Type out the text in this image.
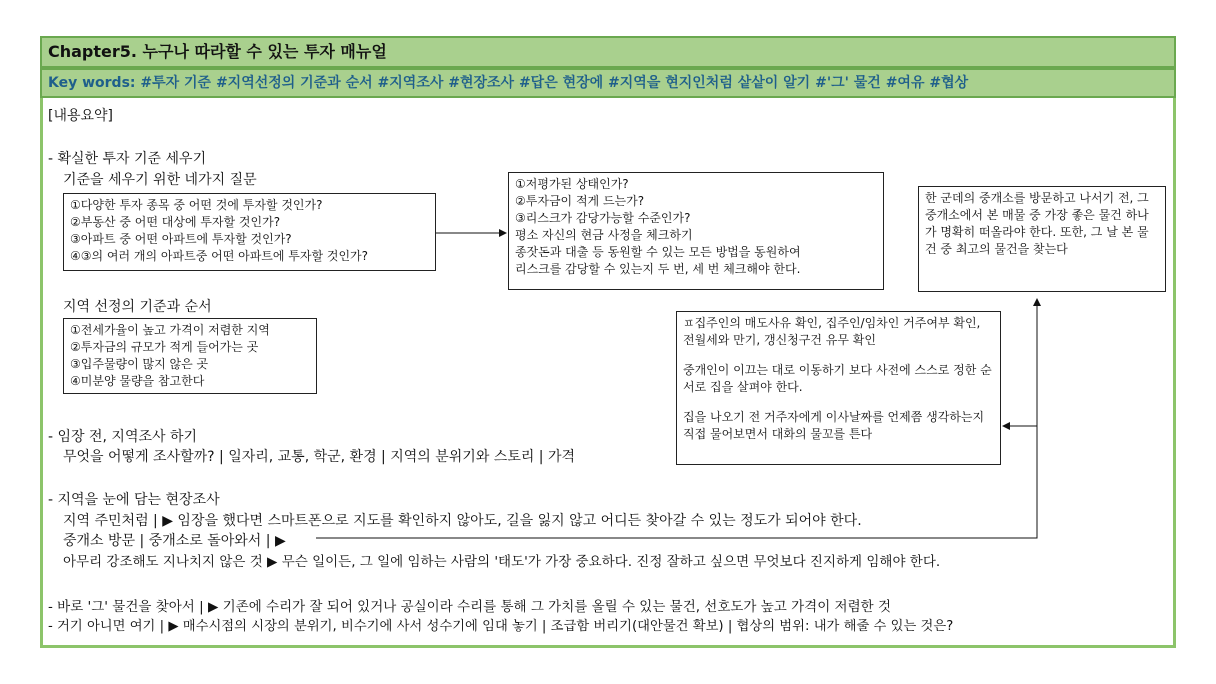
Chapter5. 누구나 따라할 수 있는 투자 매뉴얼
Key words: #투자 기준 #지역선정의 기준과 순서 #지역조사 #현장조사 #답은 현장에 #지역을 현지인처럼 샅샅이 알기 #'그' 물건 #여유 #협상
[내용요약]
- 확실한 투자 기준 세우기
기준을 세우기 위한 네가지 질문
①다양한 투자 종목 중 어떤 것에 투자할 것인가?
②부동산 중 어떤 대상에 투자할 것인가?
③아파트 중 어떤 아파트에 투자할 것인가?
④③의 여러 개의 아파트중 어떤 아파트에 투자할 것인가?
①저평가된 상태인가?
②투자금이 적게 드는가?
③리스크가 감당가능할 수준인가?
평소 자신의 현금 사정을 체크하기
종잣돈과 대출 등 동원할 수 있는 모든 방법을 동원하여
리스크를 감당할 수 있는지 두 번, 세 번 체크해야 한다.
한 군데의 중개소를 방문하고 나서기 전, 그 중개소에서 본 매물 중 가장 좋은 물건 하나가 명확히 떠올라야 한다. 또한, 그 날 본 물건 중 최고의 물건을 찾는다
지역 선정의 기준과 순서
①전세가율이 높고 가격이 저렴한 지역
②투자금의 규모가 적게 들어가는 곳
③입주물량이 많지 않은 곳
④미분양 물량을 참고한다
ㅍ집주인의 매도사유 확인, 집주인/임차인 거주여부 확인, 전월세와 만기, 갱신청구건 유무 확인
중개인이 이끄는 대로 이동하기 보다 사전에 스스로 정한 순서로 집을 살펴야 한다.
집을 나오기 전 거주자에게 이사날짜를 언제쯤 생각하는지 직접 물어보면서 대화의 물꼬를 튼다
- 임장 전, 지역조사 하기
무엇을 어떻게 조사할까? | 일자리, 교통, 학군, 환경 | 지역의 분위기와 스토리 | 가격
- 지역을 눈에 담는 현장조사
지역 주민처럼 | ▶ 임장을 했다면 스마트폰으로 지도를 확인하지 않아도, 길을 잃지 않고 어디든 찾아갈 수 있는 정도가 되어야 한다.
중개소 방문 | 중개소로 돌아와서 | ▶
아무리 강조해도 지나치지 않은 것 ▶ 무슨 일이든, 그 일에 임하는 사람의 '태도'가 가장 중요하다. 진정 잘하고 싶으면 무엇보다 진지하게 임해야 한다.
- 바로 '그' 물건을 찾아서 | ▶ 기존에 수리가 잘 되어 있거나 공실이라 수리를 통해 그 가치를 올릴 수 있는 물건, 선호도가 높고 가격이 저렴한 것
- 거기 아니면 여기 | ▶ 매수시점의 시장의 분위기, 비수기에 사서 성수기에 임대 놓기 | 조급함 버리기(대안물건 확보) | 협상의 범위: 내가 해줄 수 있는 것은?
